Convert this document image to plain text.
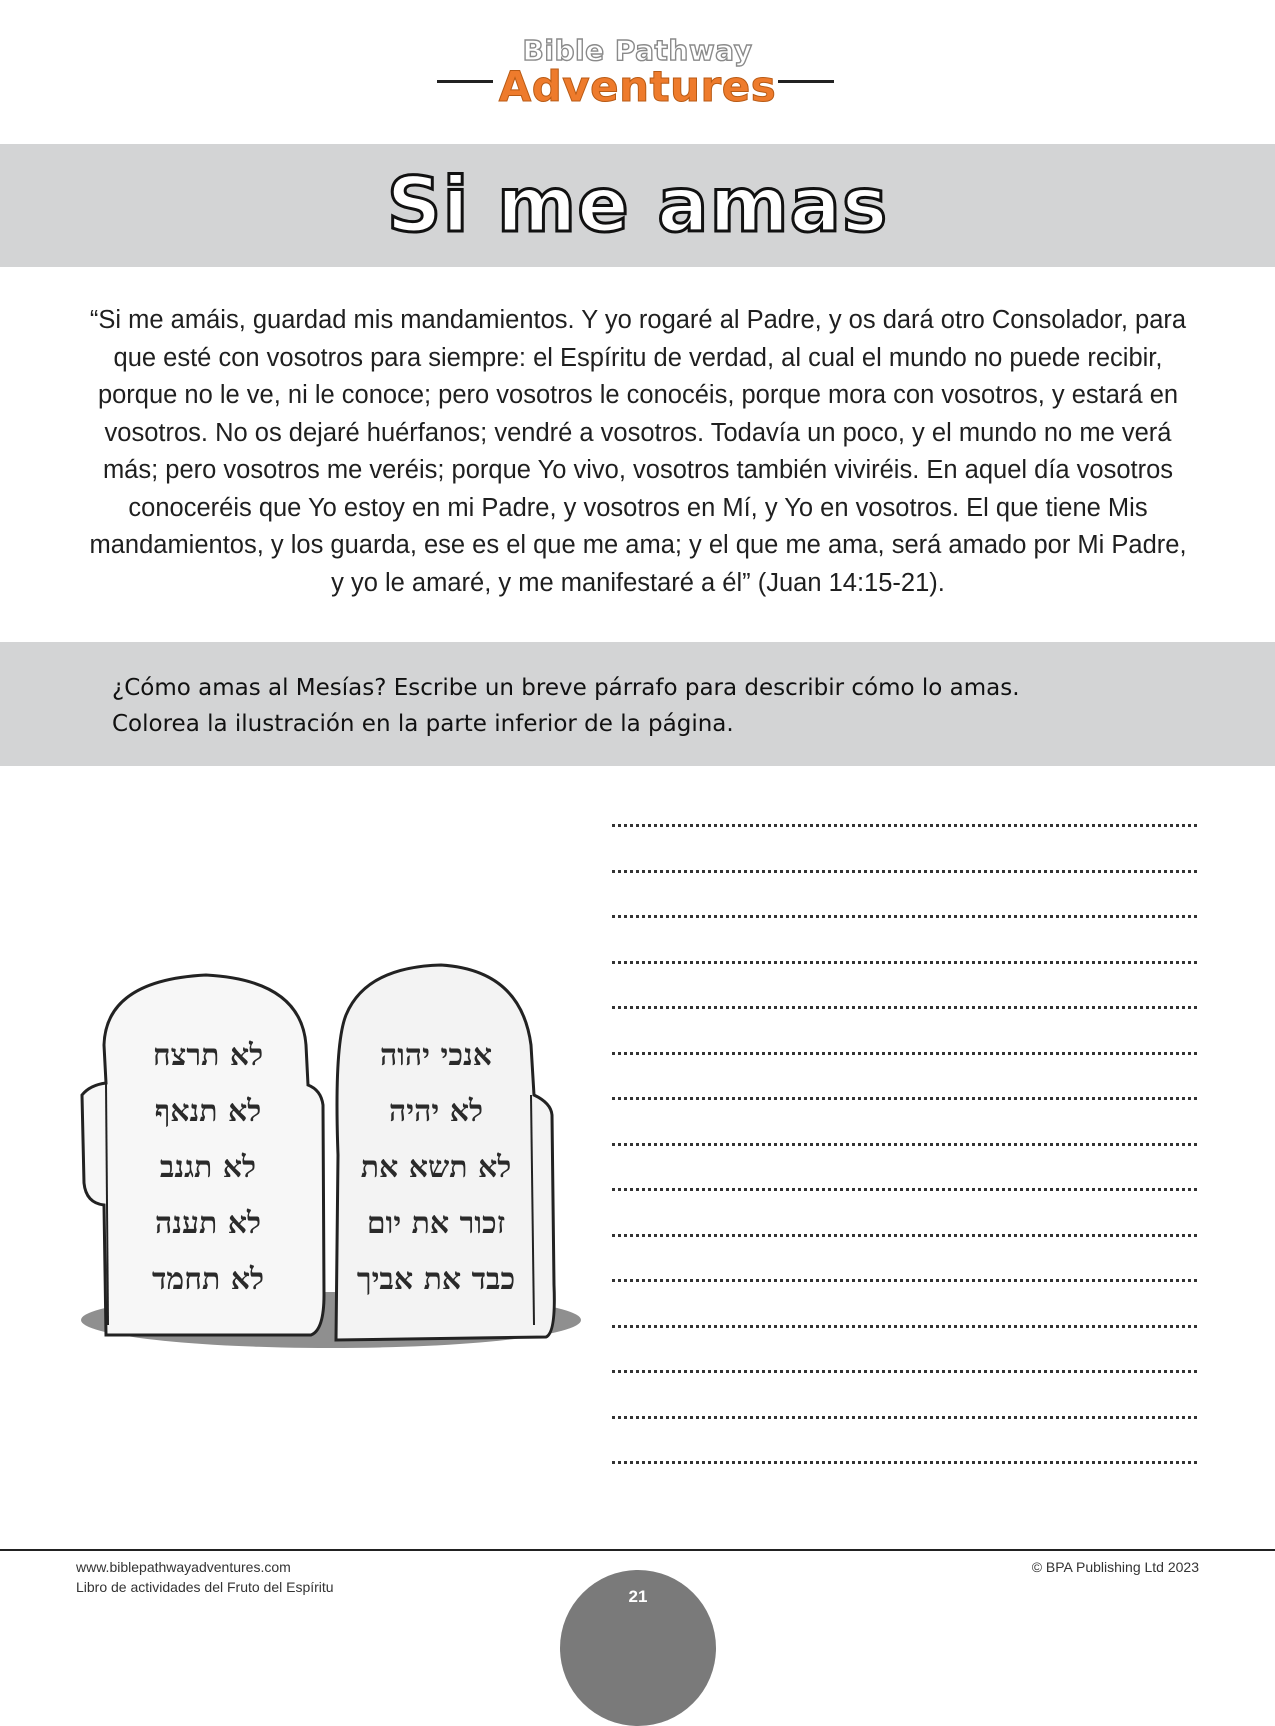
Bible Pathway
Adventures
Si me amas
“Si me amáis, guardad mis mandamientos. Y yo rogaré al Padre, y os dará otro Consolador, para que esté con vosotros para siempre: el Espíritu de verdad, al cual el mundo no puede recibir, porque no le ve, ni le conoce; pero vosotros le conocéis, porque mora con vosotros, y estará en vosotros. No os dejaré huérfanos; vendré a vosotros. Todavía un poco, y el mundo no me verá más; pero vosotros me veréis; porque Yo vivo, vosotros también viviréis. En aquel día vosotros conoceréis que Yo estoy en mi Padre, y vosotros en Mí, y Yo en vosotros. El que tiene Mis mandamientos, y los guarda, ese es el que me ama; y el que me ama, será amado por Mi Padre, y yo le amaré, y me manifestaré a él” (Juan 14:15-21).
¿Cómo amas al Mesías? Escribe un breve párrafo para describir cómo lo amas.
Colorea la ilustración en la parte inferior de la página.
לא תרצח
לא תנאף
לא תגנב
לא תענה
לא תחמד
אנכי יהוה
לא יהיה
לא תשא את
זכור את יום
כבד את אביך
www.biblepathwayadventures.com
Libro de actividades del Fruto del Espíritu
© BPA Publishing Ltd 2023
21
